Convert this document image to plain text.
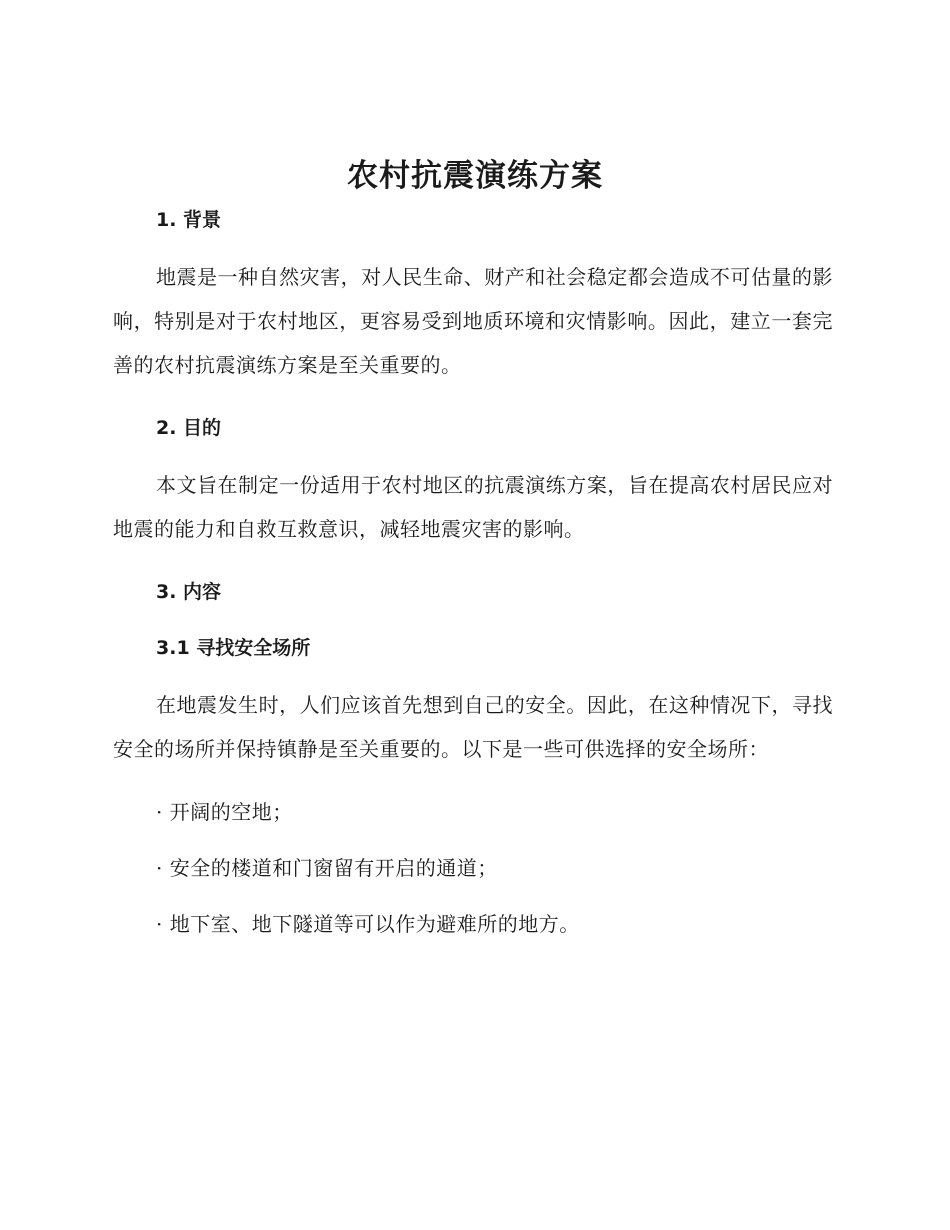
农村抗震演练方案
1. 背景

地震是一种自然灾害，对人民生命、财产和社会稳定都会造成不可估量的影响，特别是对于农村地区，更容易受到地质环境和灾情影响。因此，建立一套完善的农村抗震演练方案是至关重要的。

2. 目的

本文旨在制定一份适用于农村地区的抗震演练方案，旨在提高农村居民应对地震的能力和自救互救意识，减轻地震灾害的影响。

3. 内容
3.1 寻找安全场所

在地震发生时，人们应该首先想到自己的安全。因此，在这种情况下，寻找安全的场所并保持镇静是至关重要的。以下是一些可供选择的安全场所：

· 开阔的空地；

· 安全的楼道和门窗留有开启的通道；

· 地下室、地下隧道等可以作为避难所的地方。
